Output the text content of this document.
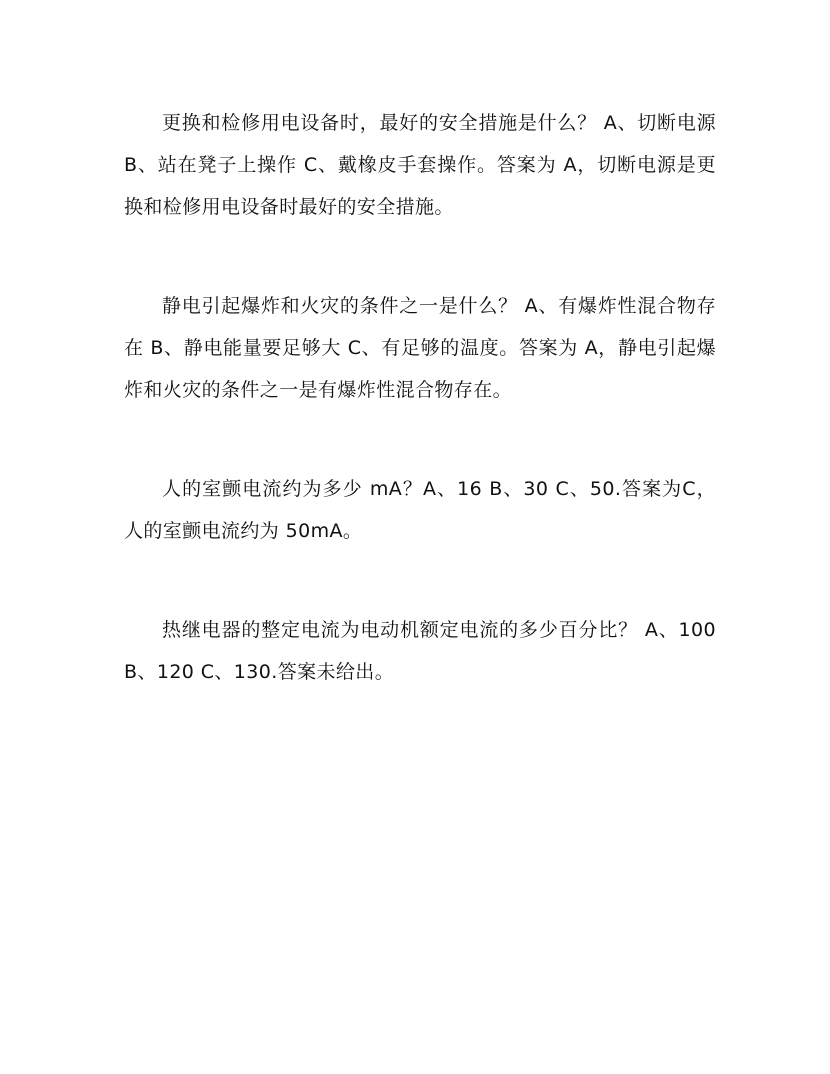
更换和检修用电设备时，最好的安全措施是什么？ A、切断电源 B、站在凳子上操作 C、戴橡皮手套操作。答案为 A，切断电源是更换和检修用电设备时最好的安全措施。

静电引起爆炸和火灾的条件之一是什么？ A、有爆炸性混合物存在 B、静电能量要足够大 C、有足够的温度。答案为 A，静电引起爆炸和火灾的条件之一是有爆炸性混合物存在。

人的室颤电流约为多少 mA？A、16 B、30 C、50.答案为C，人的室颤电流约为 50mA。

热继电器的整定电流为电动机额定电流的多少百分比？ A、100 B、120 C、130.答案未给出。
